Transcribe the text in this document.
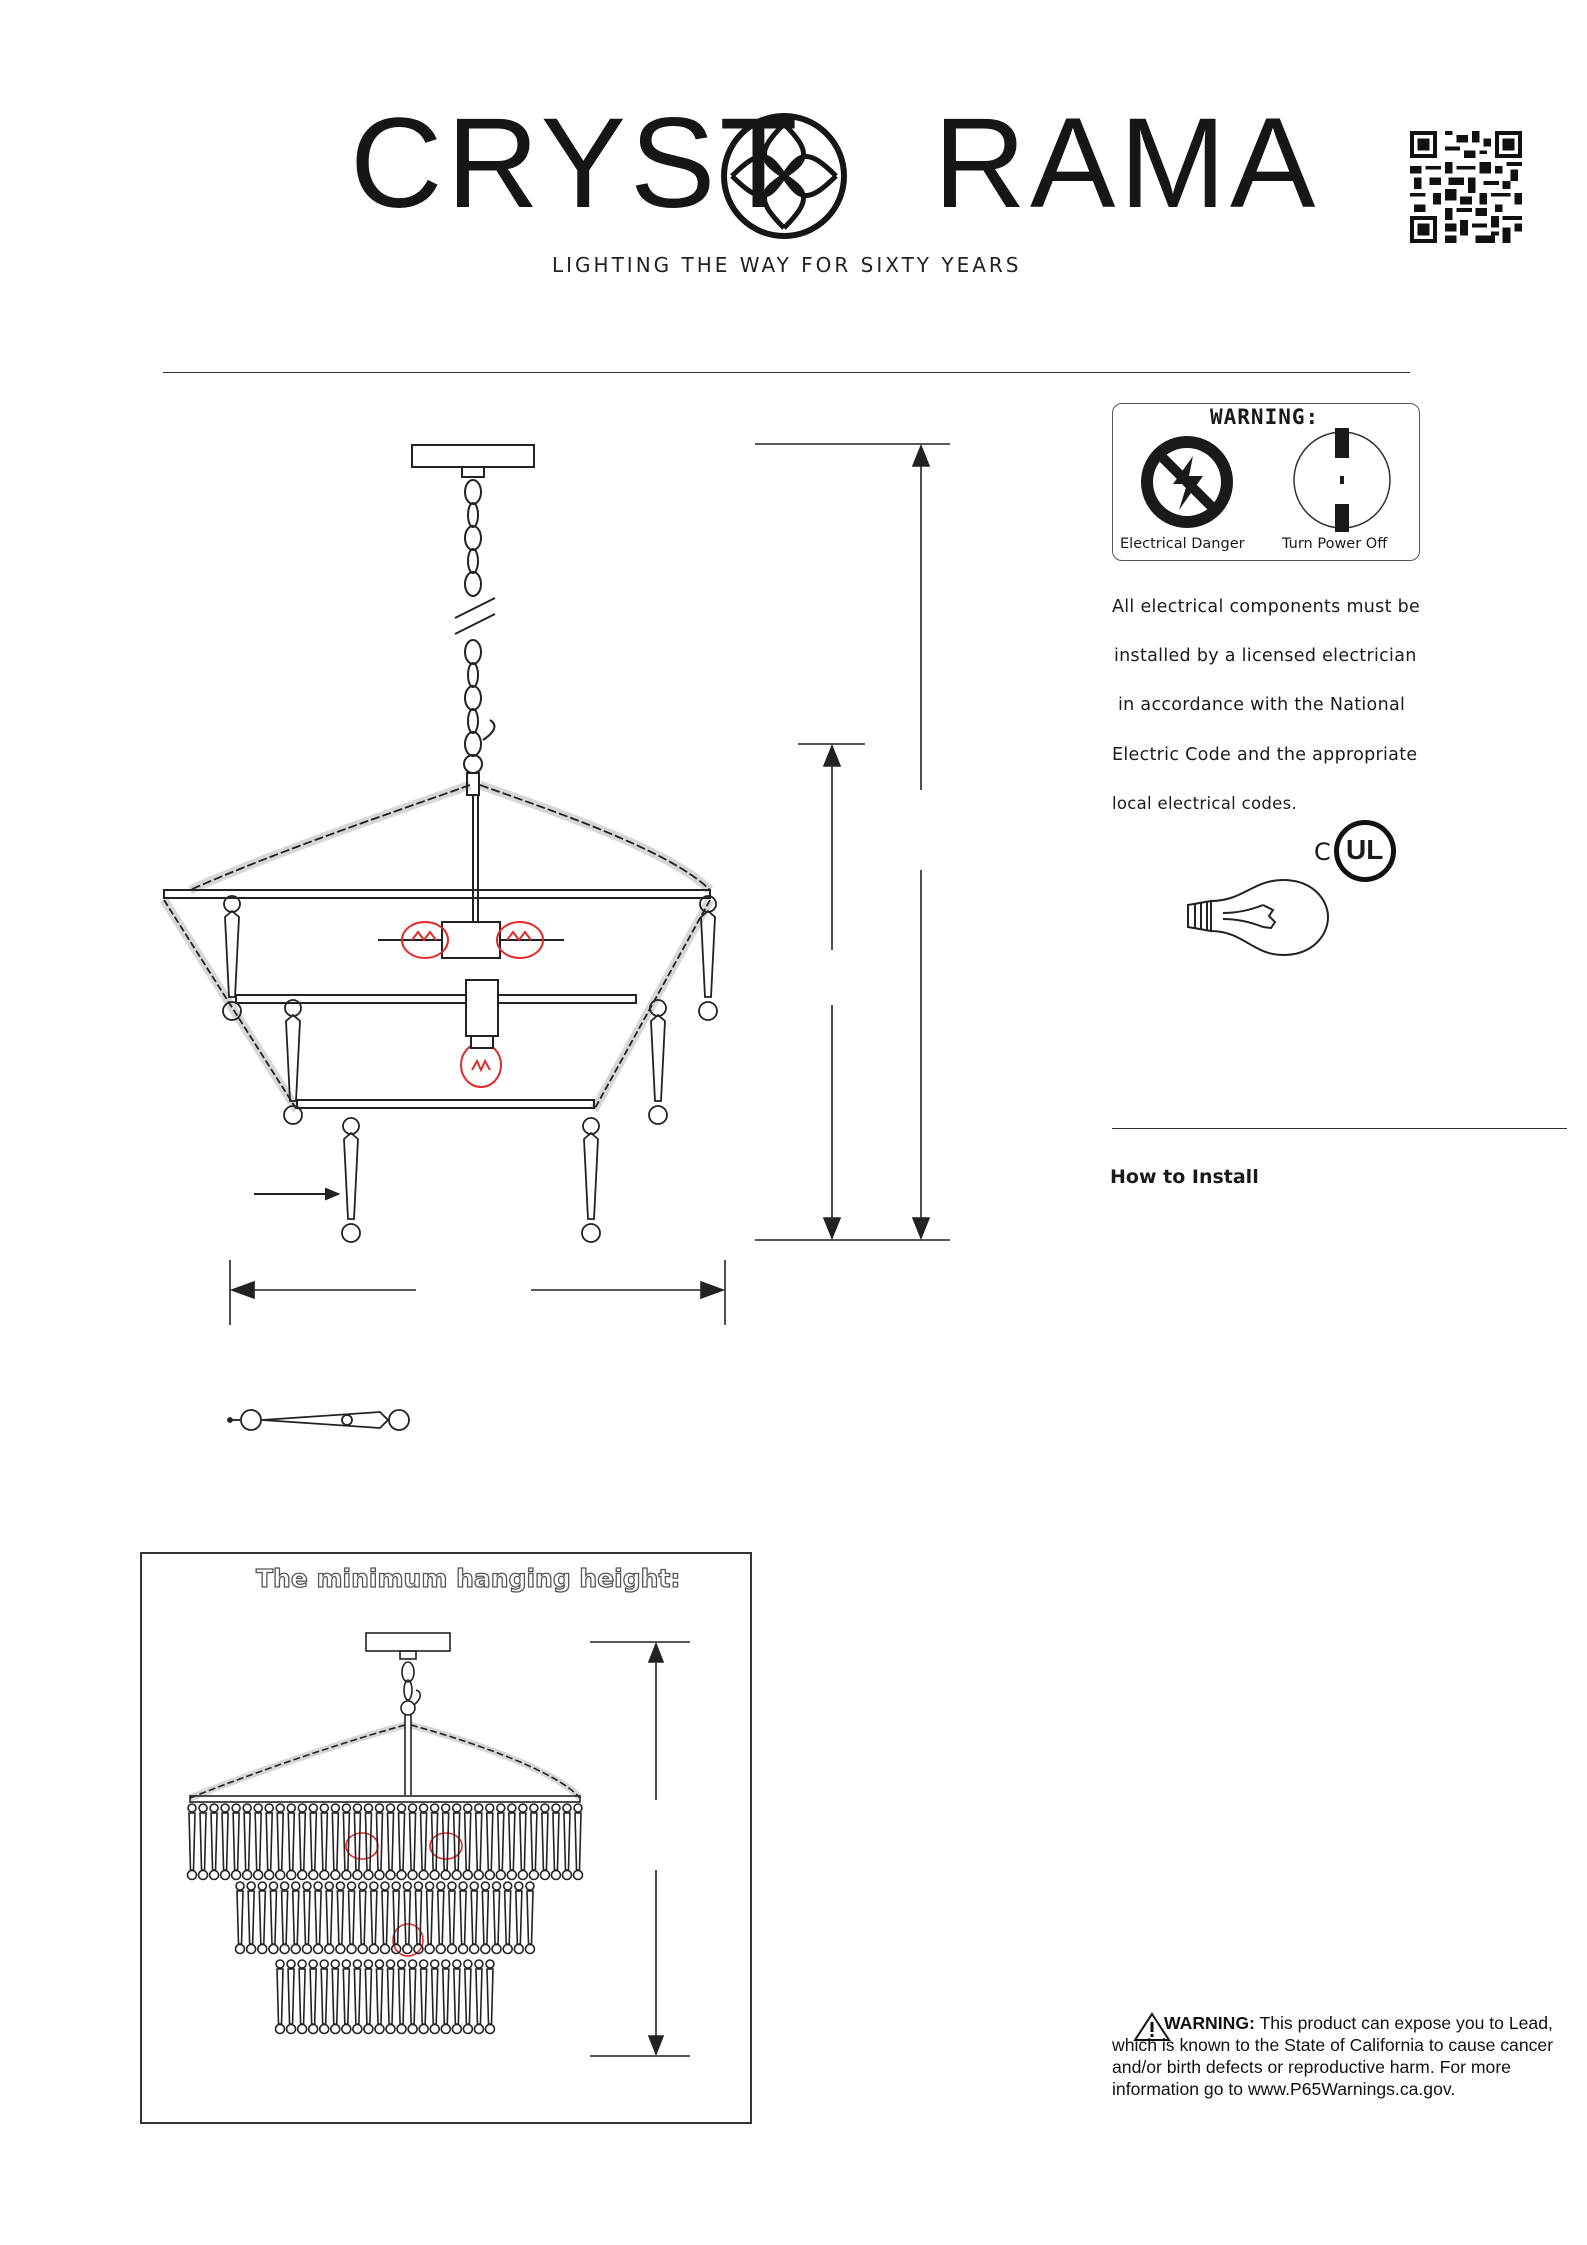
CRYST RAMA
LIGHTING THE WAY FOR SIXTY YEARS
WARNING:
Electrical Danger	Turn Power Off
All electrical components must be
installed by a licensed electrician
in accordance with the National
Electric Code and the appropriate
local electrical codes.
C UL
How to Install
The minimum hanging height:
WARNING: This product can expose you to Lead, which is known to the State of California to cause cancer and/or birth defects or reproductive harm. For more information go to www.P65Warnings.ca.gov.
